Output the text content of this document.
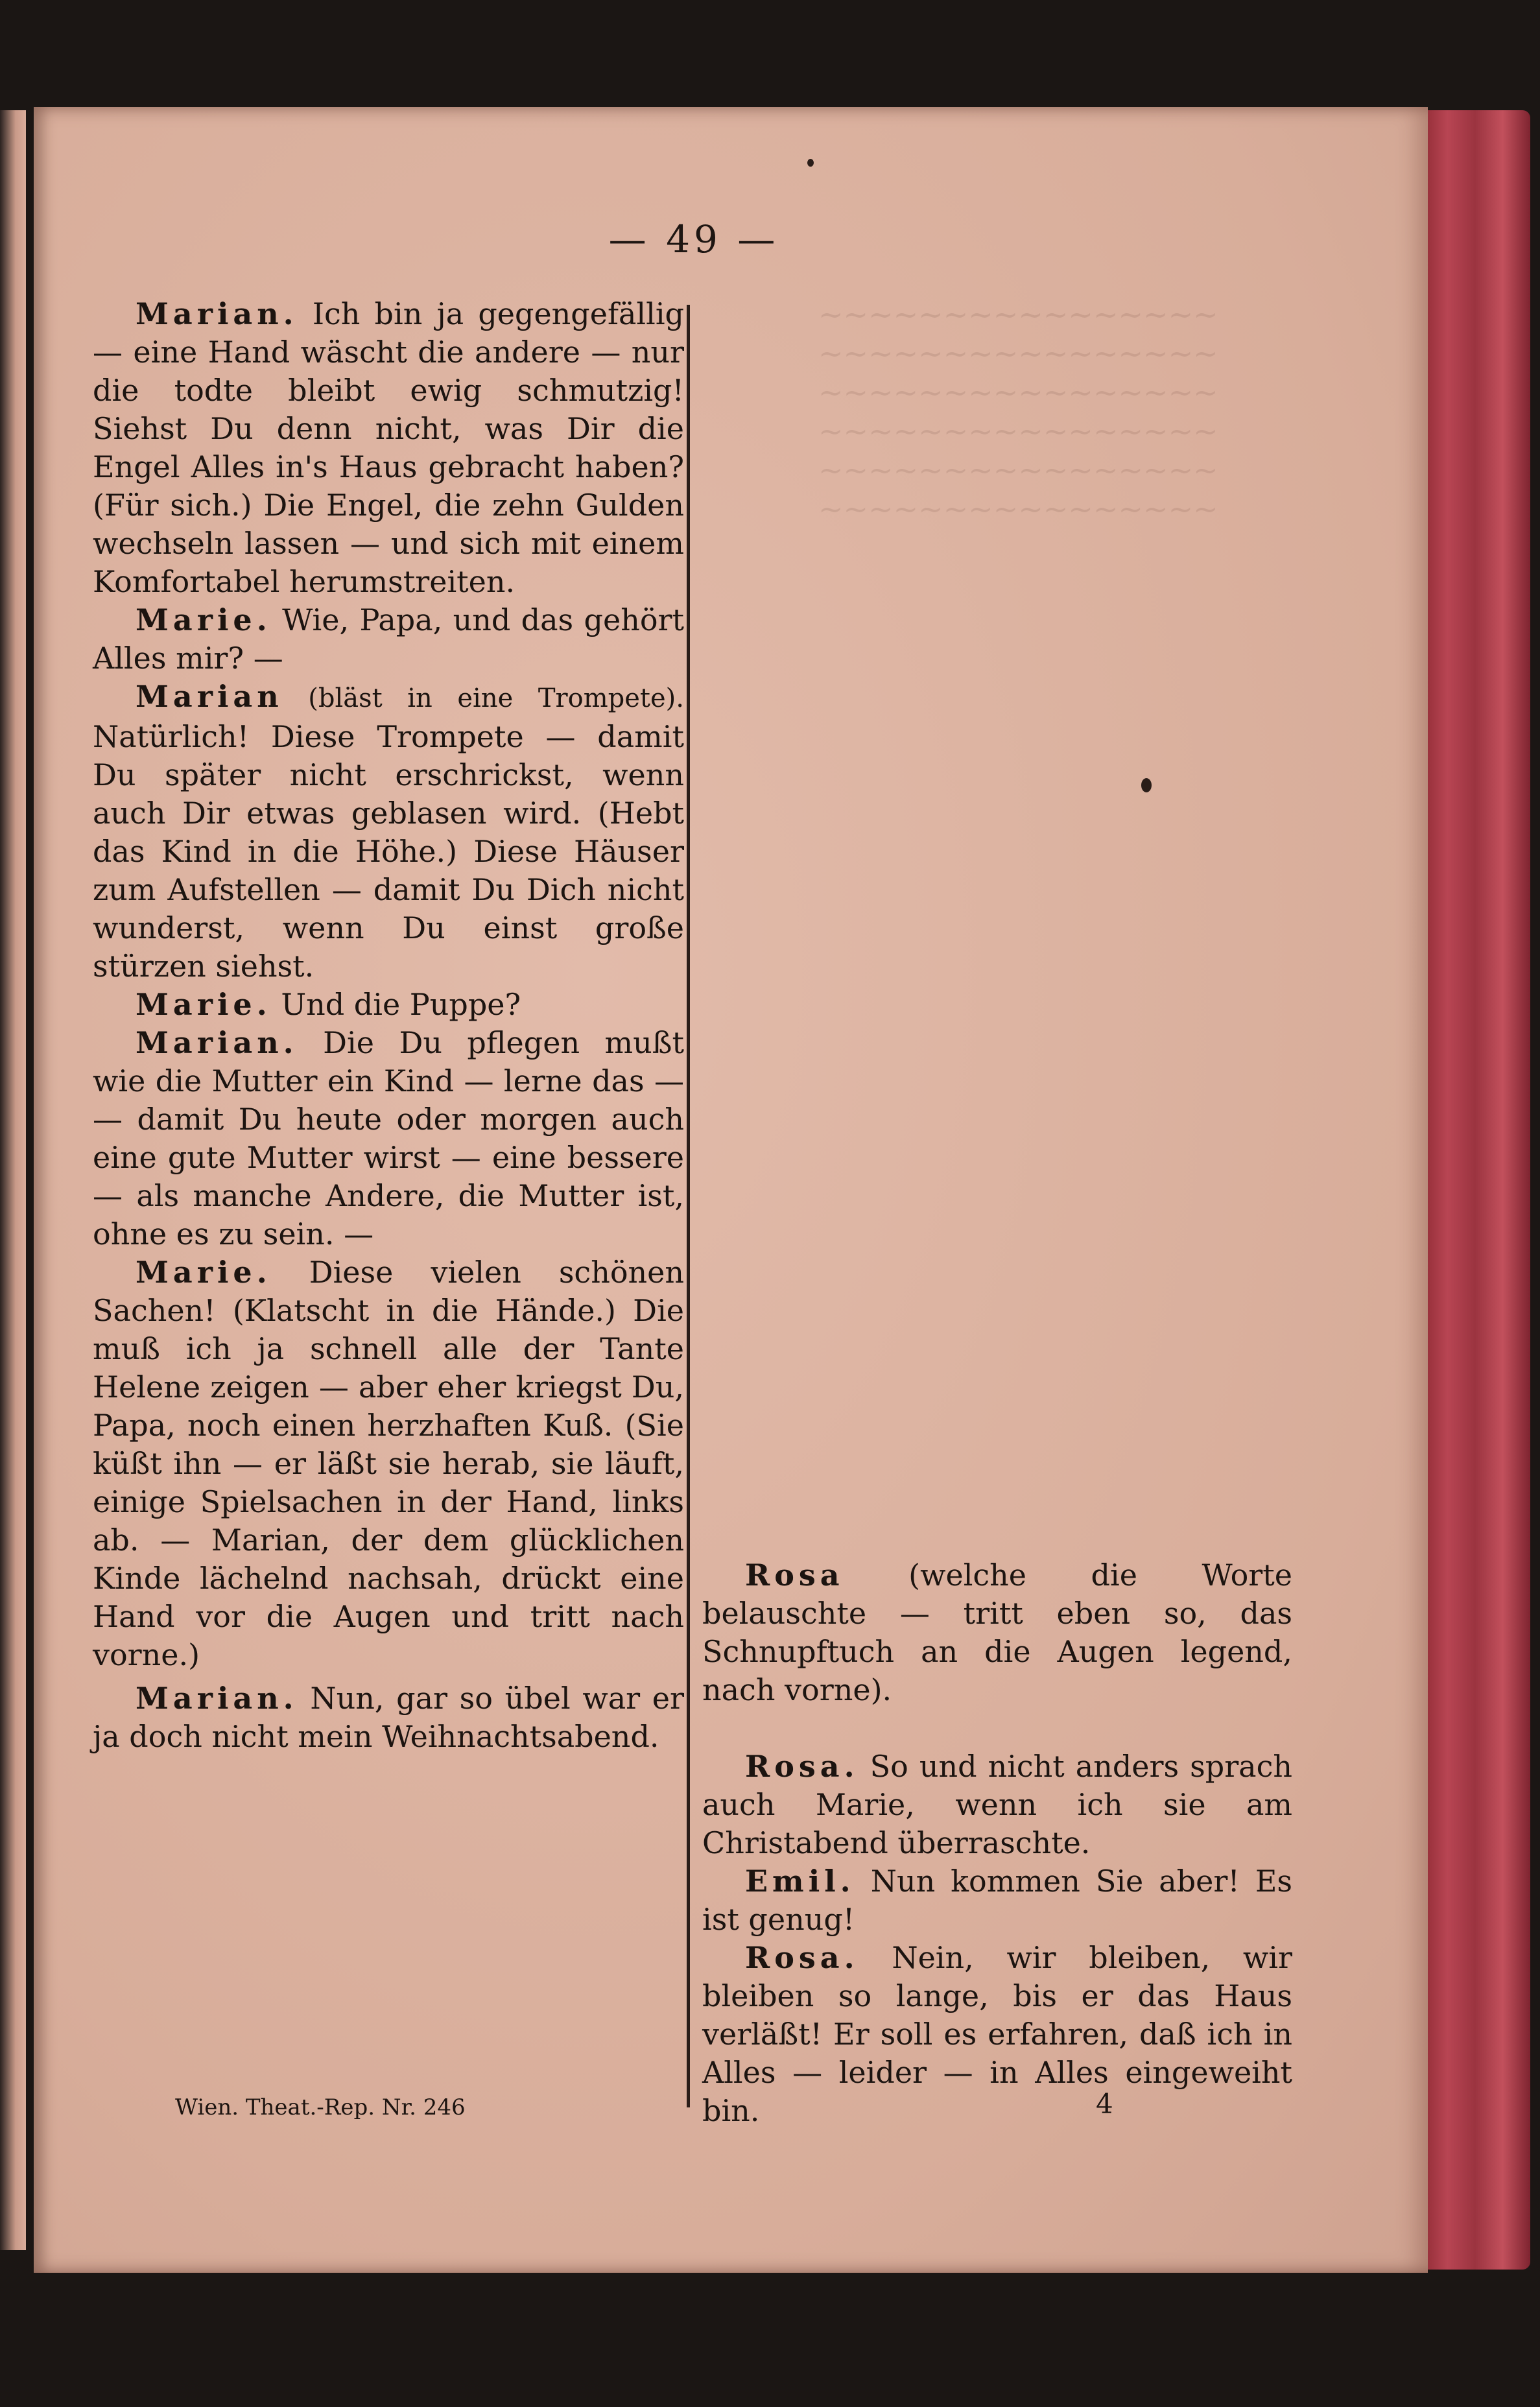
~~~~~~~~~~~~~~~~
~~~~~~~~~~~~~~~~
~~~~~~~~~~~~~~~~
~~~~~~~~~~~~~~~~
~~~~~~~~~~~~~~~~
~~~~~~~~~~~~~~~~
— 49 —

Marian. Ich bin ja gegengefällig — eine Hand wäscht die andere — nur die todte bleibt ewig schmutzig! Siehst Du denn nicht, was Dir die Engel Alles in's Haus gebracht haben? (Für sich.) Die Engel, die zehn Gulden wechseln lassen — und sich mit einem Komfortabel herumstreiten.

Marie. Wie, Papa, und das gehört Alles mir? —

Marian (bläst in eine Trompete). Natürlich! Diese Trompete — damit Du später nicht erschrickst, wenn auch Dir etwas geblasen wird. (Hebt das Kind in die Höhe.) Diese Häuser zum Aufstellen — damit Du Dich nicht wunderst, wenn Du einst große stürzen siehst.

Marie. Und die Puppe?

Marian. Die Du pflegen mußt wie die Mutter ein Kind — lerne das — — damit Du heute oder morgen auch eine gute Mutter wirst — eine bessere — als manche Andere, die Mutter ist, ohne es zu sein. —

Marie. Diese vielen schönen Sachen! (Klatscht in die Hände.) Die muß ich ja schnell alle der Tante Helene zeigen — aber eher kriegst Du, Papa, noch einen herzhaften Kuß. (Sie küßt ihn — er läßt sie herab, sie läuft, einige Spielsachen in der Hand, links ab. — Marian, der dem glücklichen Kinde lächelnd nachsah, drückt eine Hand vor die Augen und tritt nach vorne.)

Marian. Nun, gar so übel war er ja doch nicht mein Weihnachtsabend.

Rosa (welche die Worte belauschte — tritt eben so, das Schnupftuch an die Augen legend, nach vorne).

Rosa. So und nicht anders sprach auch Marie, wenn ich sie am Christabend überraschte.

Emil. Nun kommen Sie aber! Es ist genug!

Rosa. Nein, wir bleiben, wir bleiben so lange, bis er das Haus verläßt! Er soll es erfahren, daß ich in Alles — leider — in Alles eingeweiht bin.

Wien. Theat.-Rep. Nr. 246	4
